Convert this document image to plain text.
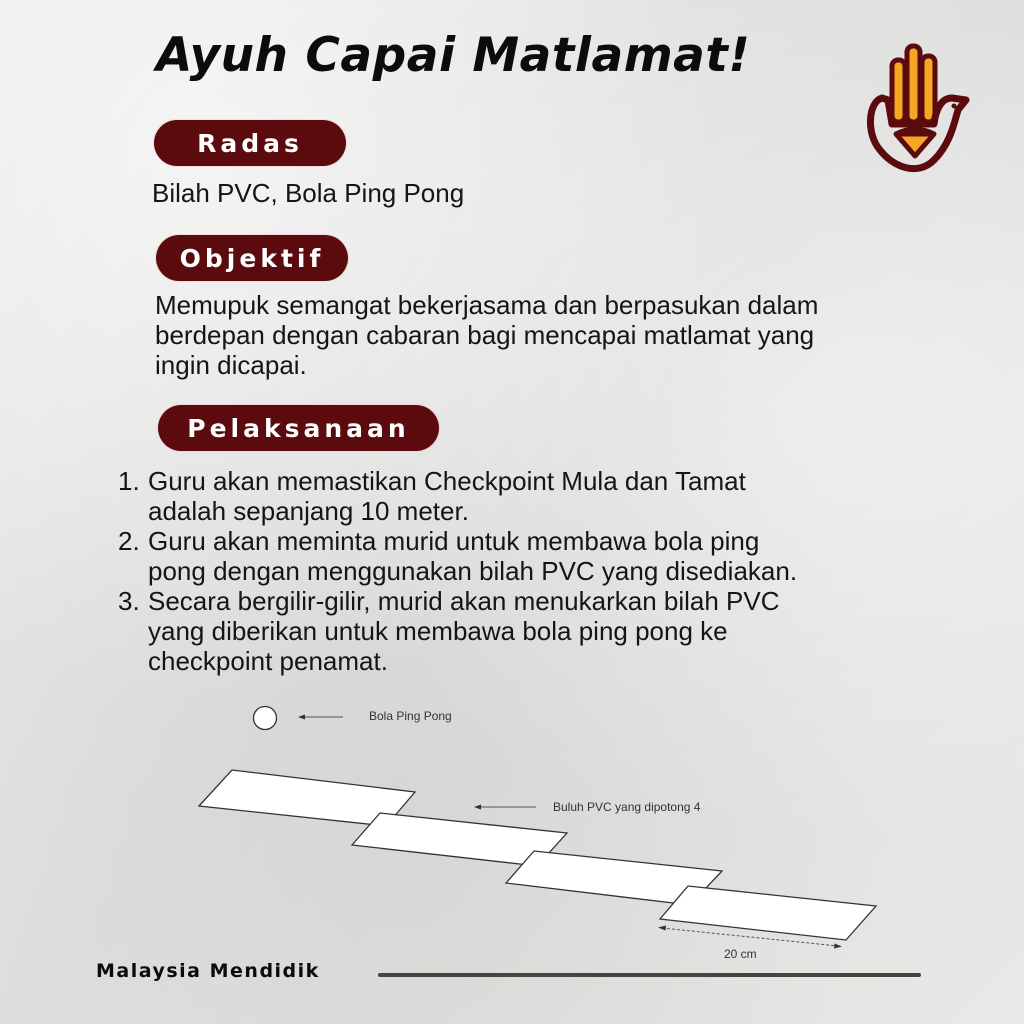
Ayuh Capai Matlamat!
Radas

Bilah PVC, Bola Ping Pong

Objektif
Memupuk semangat bekerjasama dan berpasukan dalam
berdepan dengan cabaran bagi mencapai matlamat yang
ingin dicapai.
Pelaksanaan
1. Guru akan memastikan Checkpoint Mula dan Tamat
adalah sepanjang 10 meter.
2. Guru akan meminta murid untuk membawa bola ping
pong dengan menggunakan bilah PVC yang disediakan.
3. Secara bergilir-gilir, murid akan menukarkan bilah PVC
yang diberikan untuk membawa bola ping pong ke
checkpoint penamat.
Bola Ping Pong
Buluh PVC yang dipotong 4
20 cm
Malaysia Mendidik
